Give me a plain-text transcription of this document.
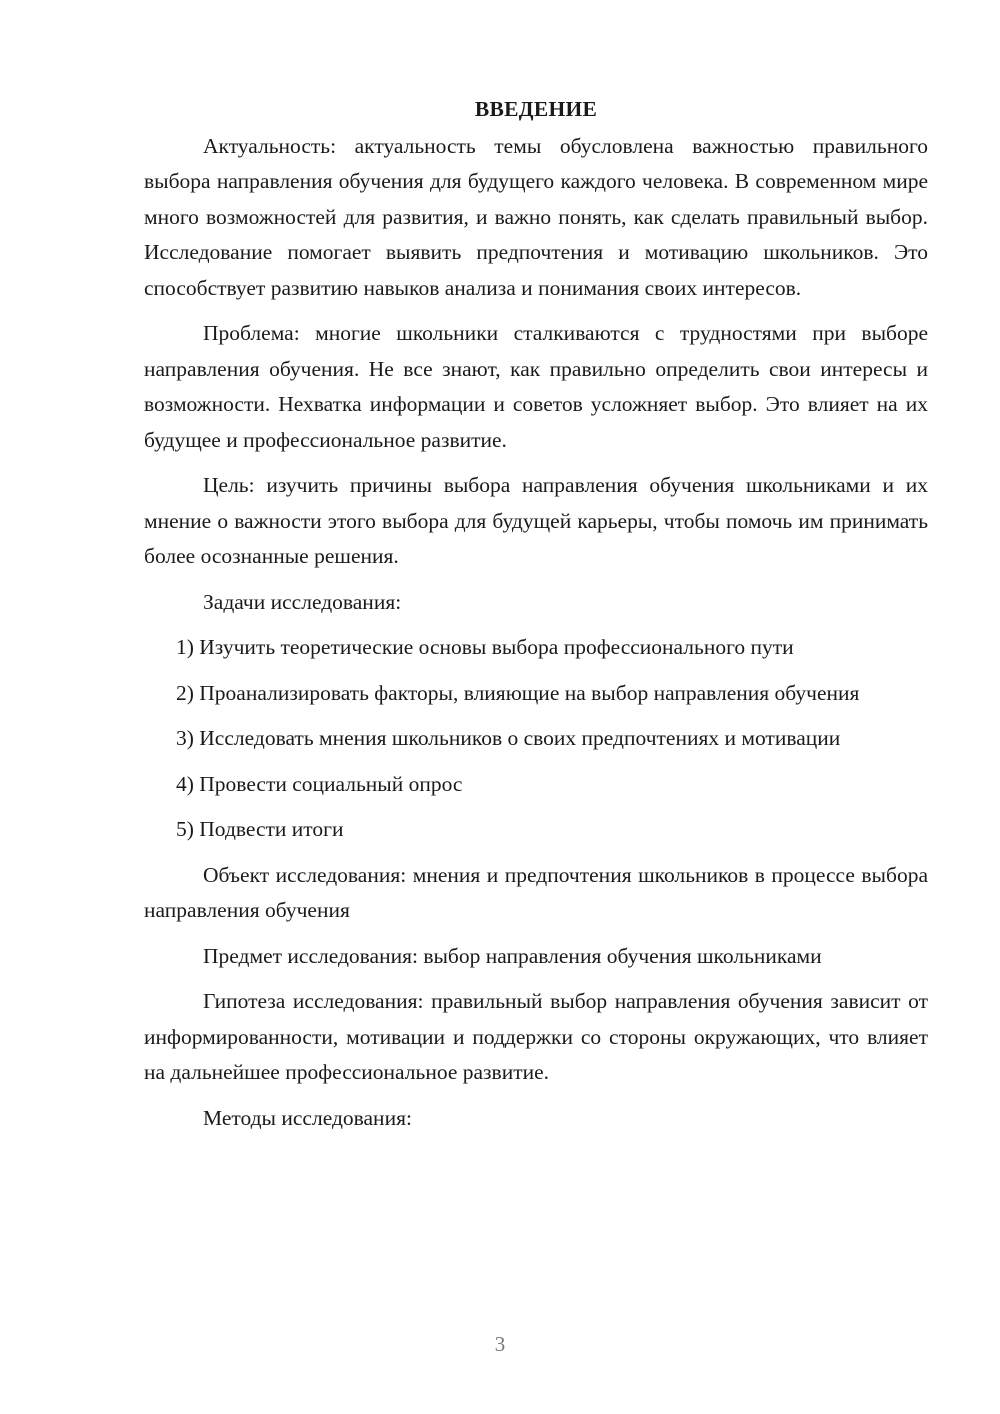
ВВЕДЕНИЕ

Актуальность: актуальность темы обусловлена важностью правильного выбора направления обучения для будущего каждого человека. В современном мире много возможностей для развития, и важно понять, как сделать правильный выбор. Исследование помогает выявить предпочтения и мотивацию школьников. Это способствует развитию навыков анализа и понимания своих интересов.

Проблема: многие школьники сталкиваются с трудностями при выборе направления обучения. Не все знают, как правильно определить свои интересы и возможности. Нехватка информации и советов усложняет выбор. Это влияет на их будущее и профессиональное развитие.

Цель: изучить причины выбора направления обучения школьниками и их мнение о важности этого выбора для будущей карьеры, чтобы помочь им принимать более осознанные решения.

Задачи исследования:

1) Изучить теоретические основы выбора профессионального пути

2) Проанализировать факторы, влияющие на выбор направления обучения

3) Исследовать мнения школьников о своих предпочтениях и мотивации

4) Провести социальный опрос

5) Подвести итоги

Объект исследования: мнения и предпочтения школьников в процессе выбора направления обучения

Предмет исследования: выбор направления обучения школьниками

Гипотеза исследования: правильный выбор направления обучения зависит от информированности, мотивации и поддержки со стороны окружающих, что влияет на дальнейшее профессиональное развитие.

Методы исследования:

3
